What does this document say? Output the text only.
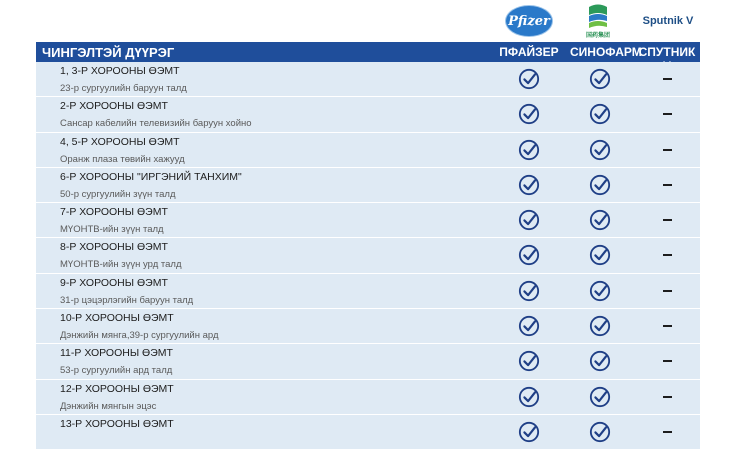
Pfizer
国药集团
Sputnik V
ЧИНГЭЛТЭЙ ДҮҮРЭГ	ПФАЙЗЕР СИНОФАРМ
СПУТНИК
1, 3-Р ХОРООНЫ ӨЭМТ
23-р сургуулийн баруун талд
2-Р ХОРООНЫ ӨЭМТ
Сансар кабелийн телевизийн баруун хойно
4, 5-Р ХОРООНЫ ӨЭМТ
Оранж плаза төвийн хажууд
6-Р ХОРООНЫ "ИРГЭНИЙ ТАНХИМ"
50-р сургуулийн зүүн талд
7-Р ХОРООНЫ ӨЭМТ
МҮОНТВ-ийн зүүн талд
8-Р ХОРООНЫ ӨЭМТ
МҮОНТВ-ийн зүүн урд талд
9-Р ХОРООНЫ ӨЭМТ
31-р цэцэрлэгийн баруун талд
10-Р ХОРООНЫ ӨЭМТ
Дэнжийн мянга,39-р сургуулийн ард
11-Р ХОРООНЫ ӨЭМТ
53-р сургуулийн ард талд
12-Р ХОРООНЫ ӨЭМТ
Дэнжийн мянгын эцэс
13-Р ХОРООНЫ ӨЭМТ
